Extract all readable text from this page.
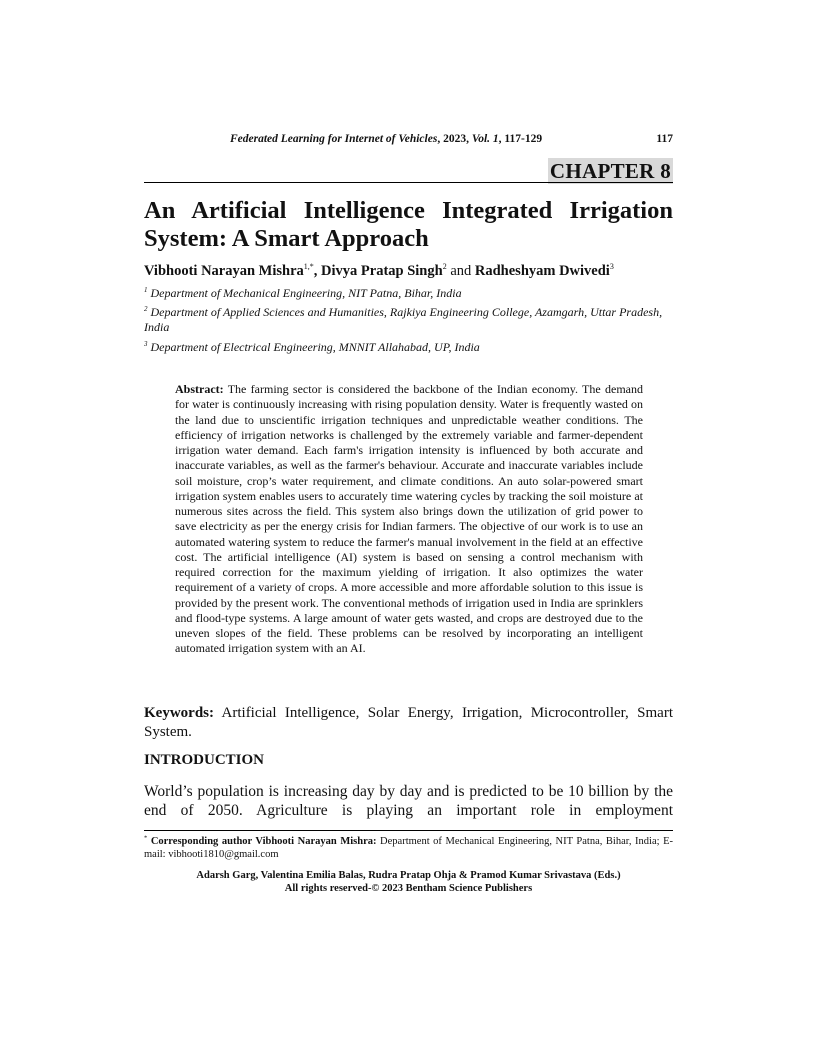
Federated Learning for Internet of Vehicles, 2023, Vol. 1, 117-129	117
CHAPTER 8
An Artificial Intelligence Integrated Irrigation
System: A Smart Approach
Vibhooti Narayan Mishra$^{1,*}$, Divya Pratap Singh$^2$ and Radheshyam Dwivedi$^3$
$^1$ Department of Mechanical Engineering, NIT Patna, Bihar, India
$^2$ Department of Applied Sciences and Humanities, Rajkiya Engineering College, Azamgarh, Uttar Pradesh, India
$^3$ Department of Electrical Engineering, MNNIT Allahabad, UP, India
Abstract: The farming sector is considered the backbone of the Indian economy. The demand for water is continuously increasing with rising population density. Water is frequently wasted on the land due to unscientific irrigation techniques and unpredictable weather conditions. The efficiency of irrigation networks is challenged by the extremely variable and farmer-dependent irrigation water demand. Each farm's irrigation intensity is influenced by both accurate and inaccurate variables, as well as the farmer's behaviour. Accurate and inaccurate variables include soil moisture, crop’s water requirement, and climate conditions. An auto solar-powered smart irrigation system enables users to accurately time watering cycles by tracking the soil moisture at numerous sites across the field. This system also brings down the utilization of grid power to save electricity as per the energy crisis for Indian farmers. The objective of our work is to use an automated watering system to reduce the farmer's manual involvement in the field at an effective cost. The artificial intelligence (AI) system is based on sensing a control mechanism with required correction for the maximum yielding of irrigation. It also optimizes the water requirement of a variety of crops. A more accessible and more affordable solution to this issue is provided by the present work. The conventional methods of irrigation used in India are sprinklers and flood-type systems. A large amount of water gets wasted, and crops are destroyed due to the uneven slopes of the field. These problems can be resolved by incorporating an intelligent automated irrigation system with an AI.
Keywords: Artificial Intelligence, Solar Energy, Irrigation, Microcontroller, Smart System.
INTRODUCTION
World’s population is increasing day by day and is predicted to be 10 billion by the end of 2050. Agriculture is playing an important role in employment
* Corresponding author Vibhooti Narayan Mishra: Department of Mechanical Engineering, NIT Patna, Bihar, India; E-mail: vibhooti1810@gmail.com
Adarsh Garg, Valentina Emilia Balas, Rudra Pratap Ohja & Pramod Kumar Srivastava (Eds.)
All rights reserved-© 2023 Bentham Science Publishers
